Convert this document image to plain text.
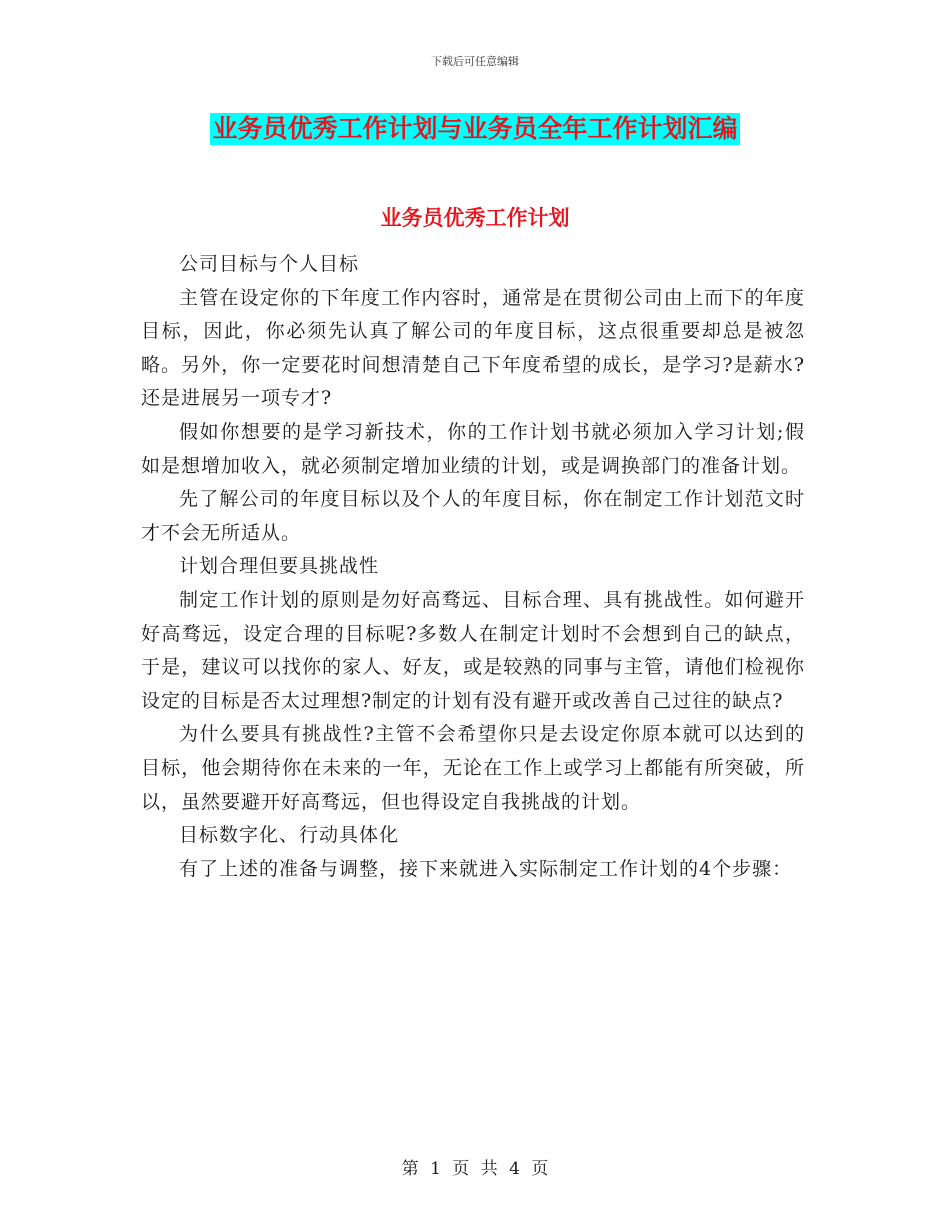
下载后可任意编辑
业务员优秀工作计划与业务员全年工作计划汇编
业务员优秀工作计划

公司目标与个人目标

主管在设定你的下年度工作内容时，通常是在贯彻公司由上而下的年度目标，因此，你必须先认真了解公司的年度目标，这点很重要却总是被忽略。另外，你一定要花时间想清楚自己下年度希望的成长，是学习?是薪水?还是进展另一项专才?

假如你想要的是学习新技术，你的工作计划书就必须加入学习计划;假如是想增加收入，就必须制定增加业绩的计划，或是调换部门的准备计划。

先了解公司的年度目标以及个人的年度目标，你在制定工作计划范文时才不会无所适从。

计划合理但要具挑战性

制定工作计划的原则是勿好高骛远、目标合理、具有挑战性。如何避开好高骛远，设定合理的目标呢?多数人在制定计划时不会想到自己的缺点，于是，建议可以找你的家人、好友，或是较熟的同事与主管，请他们检视你设定的目标是否太过理想?制定的计划有没有避开或改善自己过往的缺点?

为什么要具有挑战性?主管不会希望你只是去设定你原本就可以达到的目标，他会期待你在未来的一年，无论在工作上或学习上都能有所突破，所以，虽然要避开好高骛远，但也得设定自我挑战的计划。

目标数字化、行动具体化

有了上述的准备与调整，接下来就进入实际制定工作计划的4个步骤：

第 1 页 共 4 页
